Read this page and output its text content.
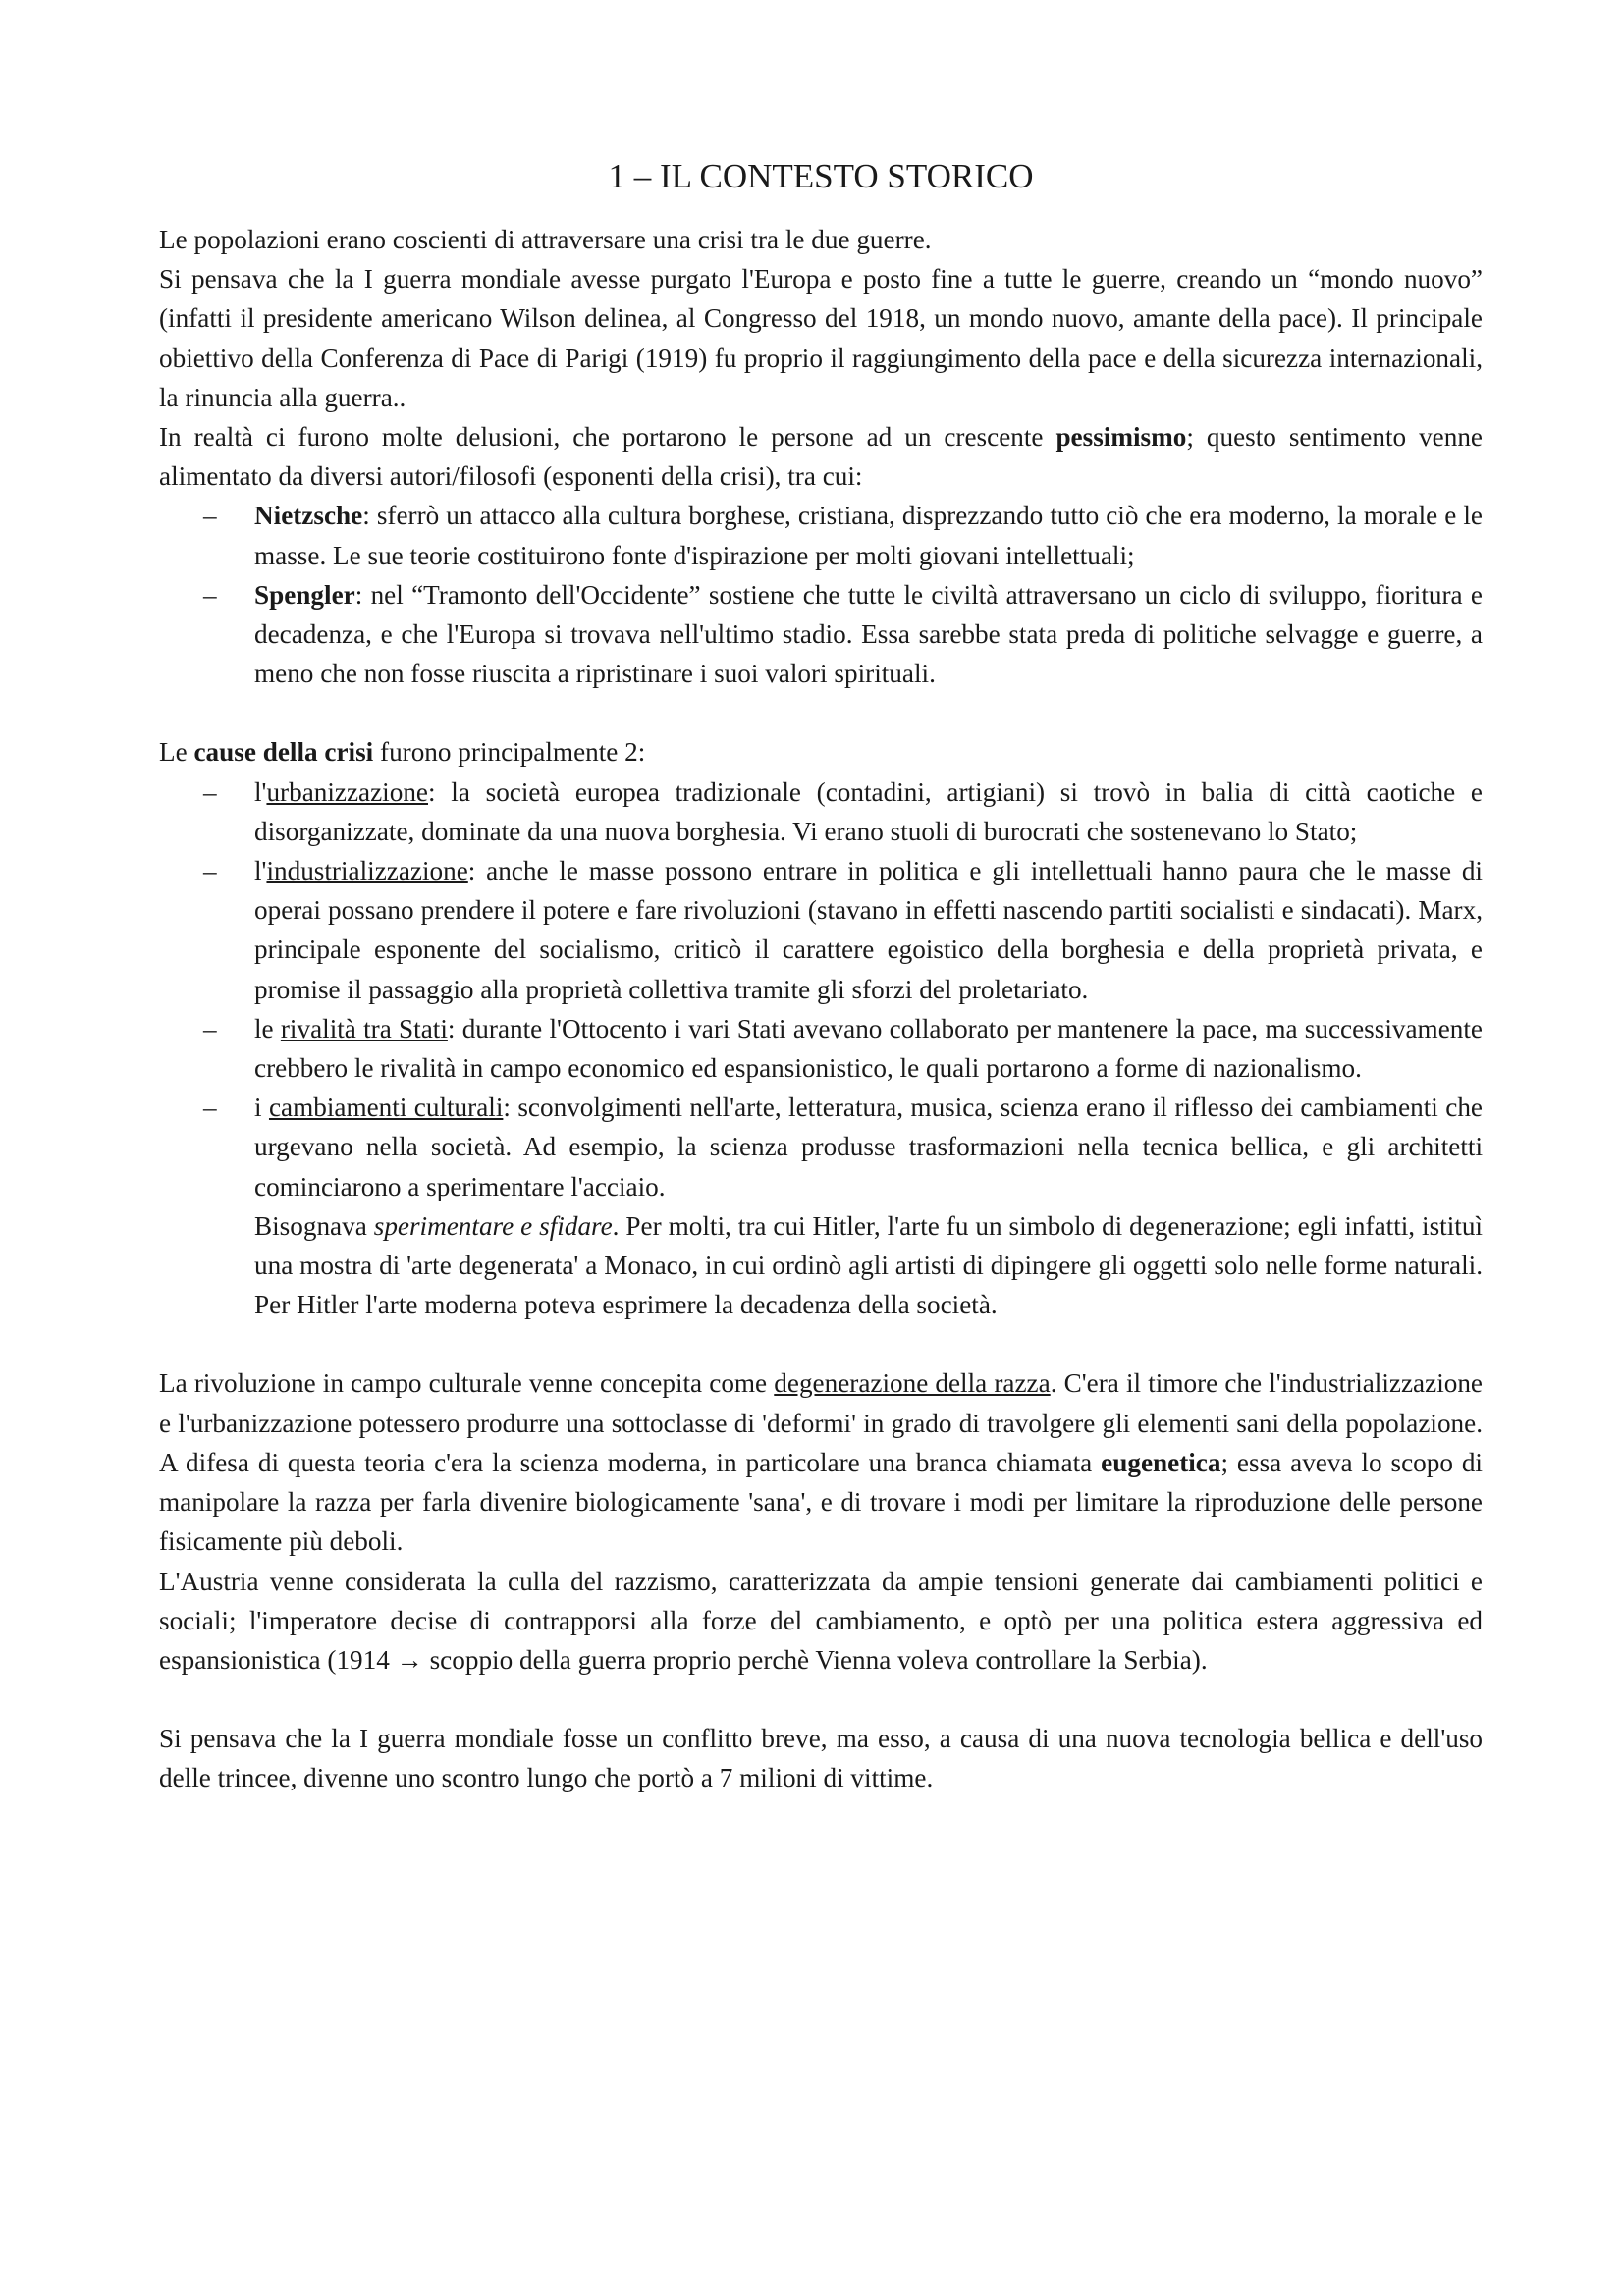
1 – IL CONTESTO STORICO

Le popolazioni erano coscienti di attraversare una crisi tra le due guerre.

Si pensava che la I guerra mondiale avesse purgato l'Europa e posto fine a tutte le guerre, creando un “mondo nuovo” (infatti il presidente americano Wilson delinea, al Congresso del 1918, un mondo nuovo, amante della pace). Il principale obiettivo della Conferenza di Pace di Parigi (1919) fu proprio il raggiungimento della pace e della sicurezza internazionali, la rinuncia alla guerra..

In realtà ci furono molte delusioni, che portarono le persone ad un crescente pessimismo; questo sentimento venne alimentato da diversi autori/filosofi (esponenti della crisi), tra cui:

– Nietzsche: sferrò un attacco alla cultura borghese, cristiana, disprezzando tutto ciò che era moderno, la morale e le masse. Le sue teorie costituirono fonte d'ispirazione per molti giovani intellettuali;
– Spengler: nel “Tramonto dell'Occidente” sostiene che tutte le civiltà attraversano un ciclo di sviluppo, fioritura e decadenza, e che l'Europa si trovava nell'ultimo stadio. Essa sarebbe stata preda di politiche selvagge e guerre, a meno che non fosse riuscita a ripristinare i suoi valori spirituali.

Le cause della crisi furono principalmente 2:

– l'urbanizzazione: la società europea tradizionale (contadini, artigiani) si trovò in balia di città caotiche e disorganizzate, dominate da una nuova borghesia. Vi erano stuoli di burocrati che sostenevano lo Stato;
– l'industrializzazione: anche le masse possono entrare in politica e gli intellettuali hanno paura che le masse di operai possano prendere il potere e fare rivoluzioni (stavano in effetti nascendo partiti socialisti e sindacati). Marx, principale esponente del socialismo, criticò il carattere egoistico della borghesia e della proprietà privata, e promise il passaggio alla proprietà collettiva tramite gli sforzi del proletariato.
– le rivalità tra Stati: durante l'Ottocento i vari Stati avevano collaborato per mantenere la pace, ma successivamente crebbero le rivalità in campo economico ed espansionistico, le quali portarono a forme di nazionalismo.
– i cambiamenti culturali: sconvolgimenti nell'arte, letteratura, musica, scienza erano il riflesso dei cambiamenti che urgevano nella società. Ad esempio, la scienza produsse trasformazioni nella tecnica bellica, e gli architetti cominciarono a sperimentare l'acciaio.

Bisognava sperimentare e sfidare. Per molti, tra cui Hitler, l'arte fu un simbolo di degenerazione; egli infatti, istituì una mostra di 'arte degenerata' a Monaco, in cui ordinò agli artisti di dipingere gli oggetti solo nelle forme naturali. Per Hitler l'arte moderna poteva esprimere la decadenza della società.

La rivoluzione in campo culturale venne concepita come degenerazione della razza. C'era il timore che l'industrializzazione e l'urbanizzazione potessero produrre una sottoclasse di 'deformi' in grado di travolgere gli elementi sani della popolazione. A difesa di questa teoria c'era la scienza moderna, in particolare una branca chiamata eugenetica; essa aveva lo scopo di manipolare la razza per farla divenire biologicamente 'sana', e di trovare i modi per limitare la riproduzione delle persone fisicamente più deboli.

L'Austria venne considerata la culla del razzismo, caratterizzata da ampie tensioni generate dai cambiamenti politici e sociali; l'imperatore decise di contrapporsi alla forze del cambiamento, e optò per una politica estera aggressiva ed espansionistica (1914 → scoppio della guerra proprio perchè Vienna voleva controllare la Serbia).

Si pensava che la I guerra mondiale fosse un conflitto breve, ma esso, a causa di una nuova tecnologia bellica e dell'uso delle trincee, divenne uno scontro lungo che portò a 7 milioni di vittime.
